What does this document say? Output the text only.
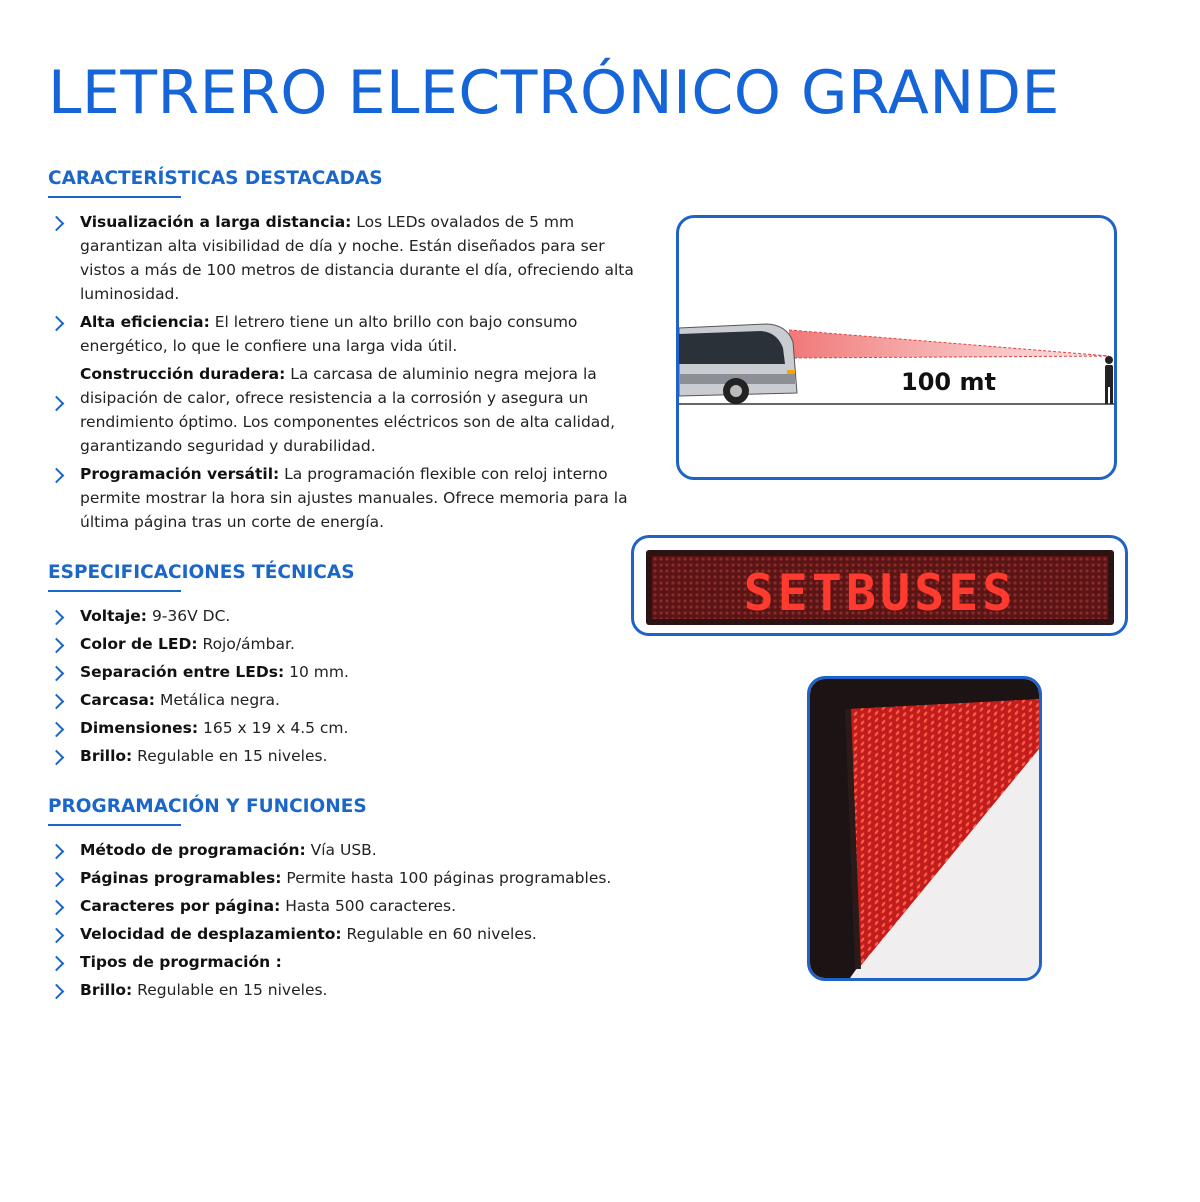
LETRERO ELECTRÓNICO GRANDE
CARACTERÍSTICAS DESTACADAS

Visualización a larga distancia: Los LEDs ovalados de 5 mm garantizan alta visibilidad de día y noche. Están diseñados para ser vistos a más de 100 metros de distancia durante el día, ofreciendo alta luminosidad.

Alta eficiencia: El letrero tiene un alto brillo con bajo consumo energético, lo que le confiere una larga vida útil.

Construcción duradera: La carcasa de aluminio negra mejora la disipación de calor, ofrece resistencia a la corrosión y asegura un rendimiento óptimo. Los componentes eléctricos son de alta calidad, garantizando seguridad y durabilidad.

Programación versátil: La programación flexible con reloj interno permite mostrar la hora sin ajustes manuales. Ofrece memoria para la última página tras un corte de energía.

ESPECIFICACIONES TÉCNICAS

Voltaje: 9-36V DC.

Color de LED: Rojo/ámbar.

Separación entre LEDs: 10 mm.

Carcasa: Metálica negra.

Dimensiones: 165 x 19 x 4.5 cm.

Brillo: Regulable en 15 niveles.

PROGRAMACIÓN Y FUNCIONES

Método de programación: Vía USB.

Páginas programables: Permite hasta 100 páginas programables.

Caracteres por página: Hasta 500 caracteres.

Velocidad de desplazamiento: Regulable en 60 niveles.

Tipos de progrmación :

Brillo: Regulable en 15 niveles.

100 mt
SETBUSES
